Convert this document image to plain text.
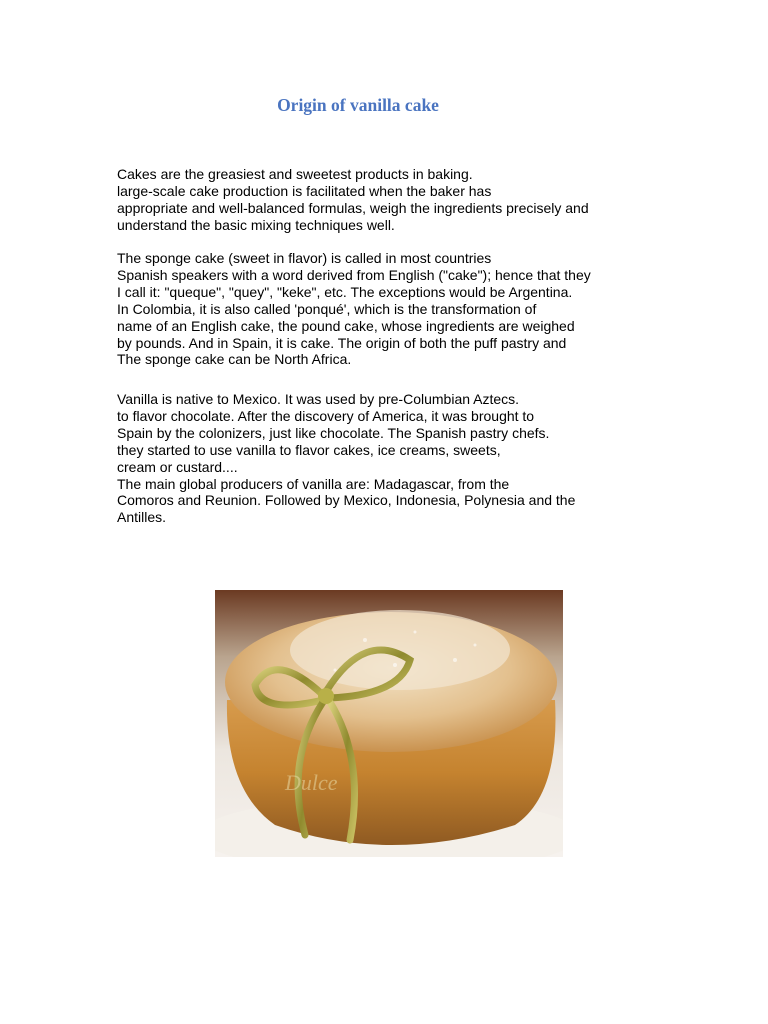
Origin of vanilla cake
Cakes are the greasiest and sweetest products in baking.
large-scale cake production is facilitated when the baker has
appropriate and well-balanced formulas, weigh the ingredients precisely and
understand the basic mixing techniques well.
The sponge cake (sweet in flavor) is called in most countries
Spanish speakers with a word derived from English ("cake"); hence that they
I call it: "queque", "quey", "keke", etc. The exceptions would be Argentina.
In Colombia, it is also called 'ponqué', which is the transformation of
name of an English cake, the pound cake, whose ingredients are weighed
by pounds. And in Spain, it is cake. The origin of both the puff pastry and
The sponge cake can be North Africa.
Vanilla is native to Mexico. It was used by pre-Columbian Aztecs.
to flavor chocolate. After the discovery of America, it was brought to
Spain by the colonizers, just like chocolate. The Spanish pastry chefs.
they started to use vanilla to flavor cakes, ice creams, sweets,
cream or custard....
The main global producers of vanilla are: Madagascar, from the
Comoros and Reunion. Followed by Mexico, Indonesia, Polynesia and the
Antilles.
Dulce
